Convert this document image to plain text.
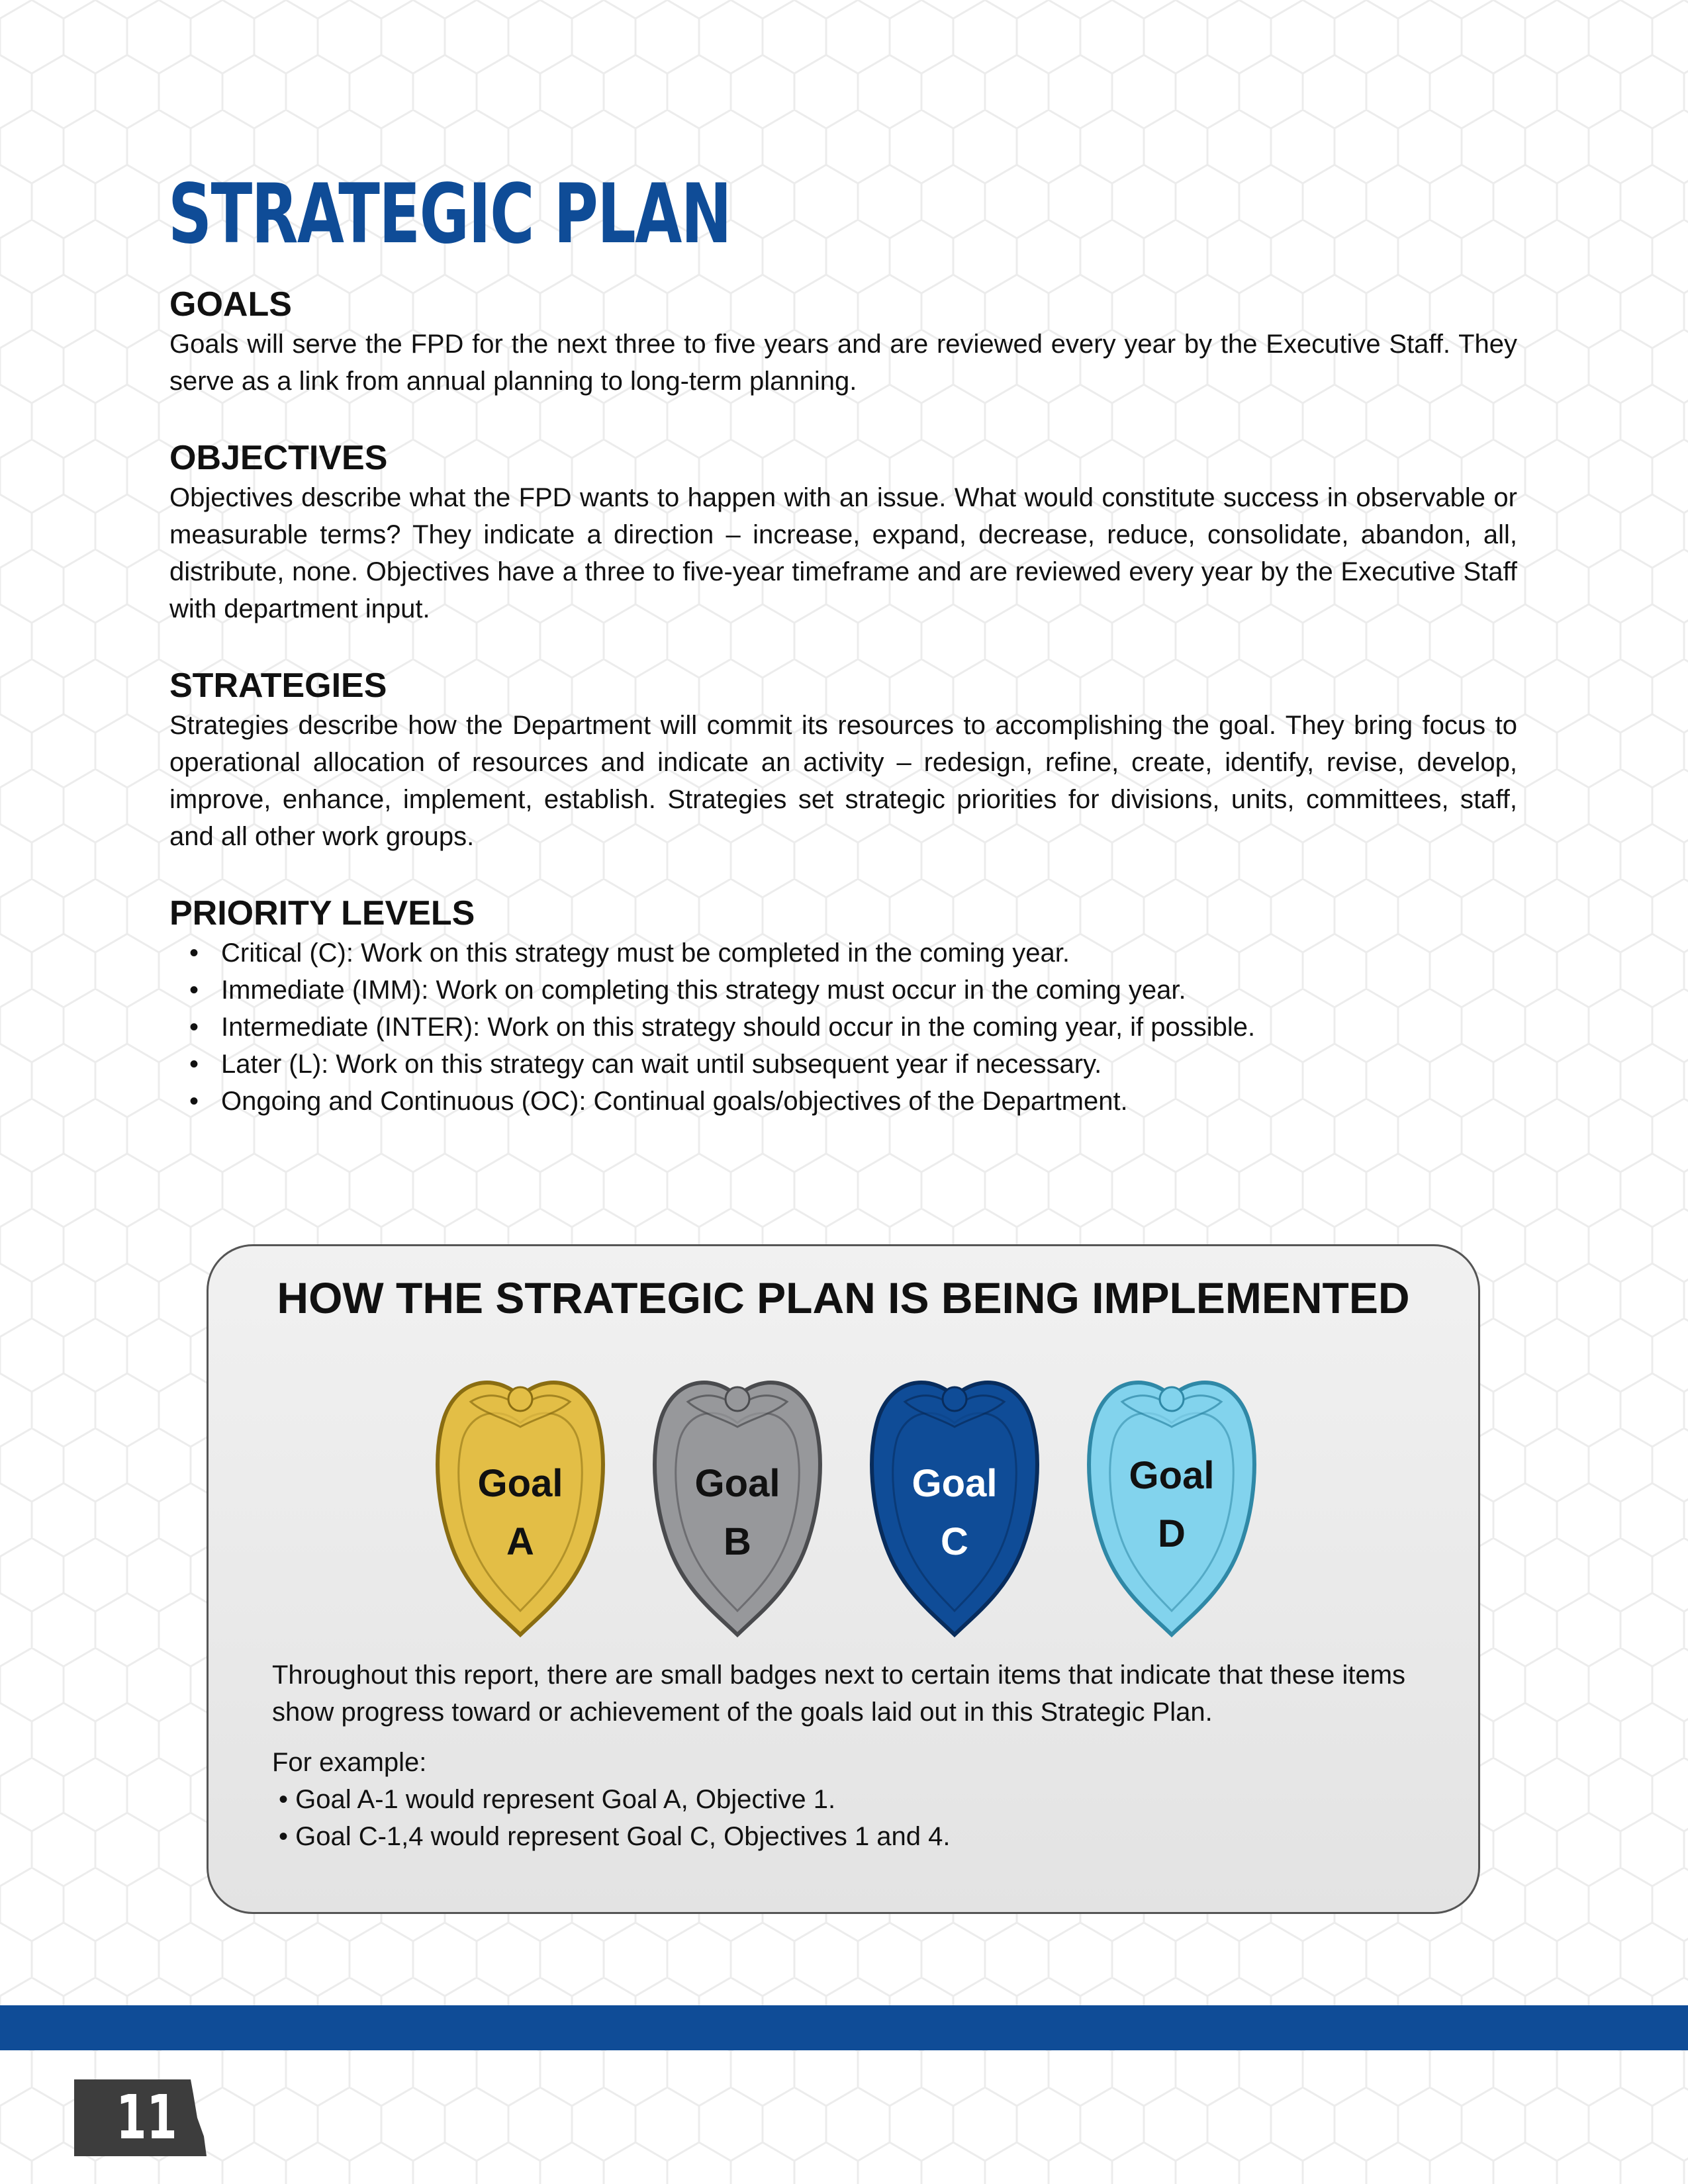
STRATEGIC PLAN
GOALS

Goals will serve the FPD for the next three to five years and are reviewed every year by the Executive Staff. They serve as a link from annual planning to long-term planning.

OBJECTIVES

Objectives describe what the FPD wants to happen with an issue. What would constitute success in observable or measurable terms? They indicate a direction – increase, expand, decrease, reduce, consolidate, abandon, all, distribute, none. Objectives have a three to five-year timeframe and are reviewed every year by the Executive Staff with department input.

STRATEGIES

Strategies describe how the Department will commit its resources to accomplishing the goal. They bring focus to operational allocation of resources and indicate an activity – redesign, refine, create, identify, revise, develop, improve, enhance, implement, establish. Strategies set strategic priorities for divisions, units, committees, staff, and all other work groups.

PRIORITY LEVELS
• Critical (C): Work on this strategy must be completed in the coming year.
• Immediate (IMM): Work on completing this strategy must occur in the coming year.
• Intermediate (INTER): Work on this strategy should occur in the coming year, if possible.
• Later (L): Work on this strategy can wait until subsequent year if necessary.
• Ongoing and Continuous (OC): Continual goals/objectives of the Department.
HOW THE STRATEGIC PLAN IS BEING IMPLEMENTED
Goal
A
Goal
B
Goal
C
Goal
D

Throughout this report, there are small badges next to certain items that indicate that these items show progress toward or achievement of the goals laid out in this Strategic Plan.

For example:

• Goal A-1 would represent Goal A, Objective 1.

• Goal C-1,4 would represent Goal C, Objectives 1 and 4.

11
